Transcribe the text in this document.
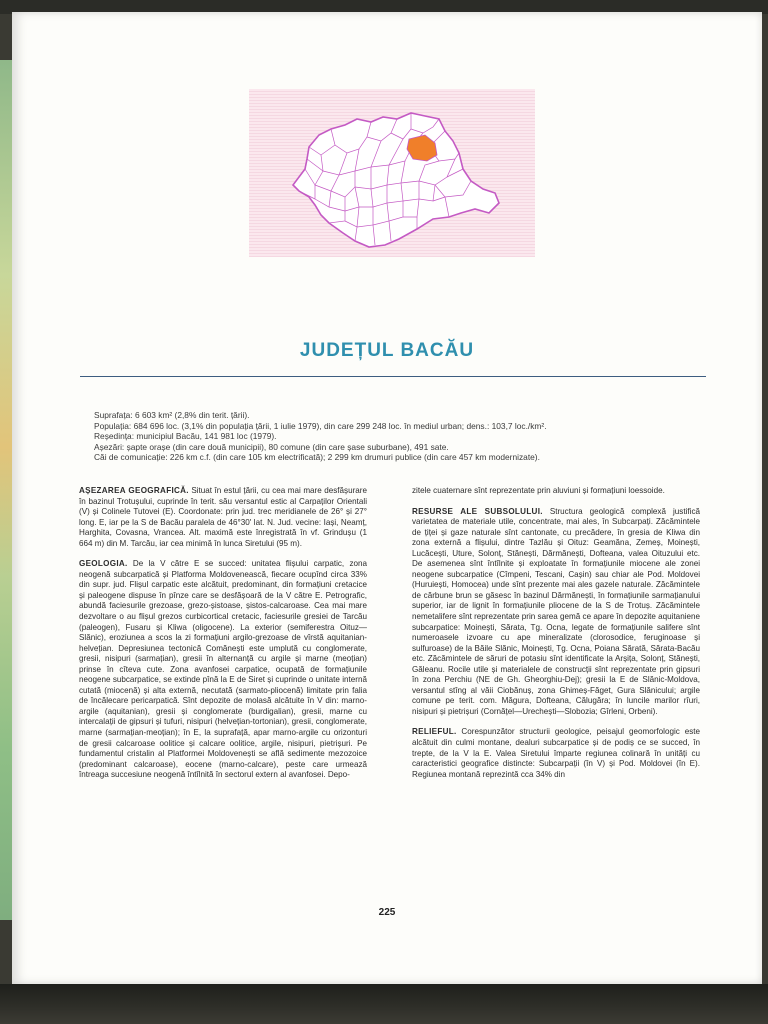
JUDEȚUL BACĂU
Suprafața: 6 603 km² (2,8% din terit. țării).
Populația: 684 696 loc. (3,1% din populația țării, 1 iulie 1979), din care 299 248 loc. în mediul urban; dens.: 103,7 loc./km².
Reședința: municipiul Bacău, 141 981 loc (1979).
Așezări: șapte orașe (din care două municipii), 80 comune (din care șase suburbane), 491 sate.
Căi de comunicație: 226 km c.f. (din care 105 km electrificată); 2 299 km drumuri publice (din care 457 km modernizate).

AȘEZAREA GEOGRAFICĂ. Situat în estul țării, cu cea mai mare desfășurare în bazinul Trotușului, cuprinde în terit. său versantul estic al Carpaților Orientali (V) și Colinele Tutovei (E). Coordonate: prin jud. trec meridianele de 26° și 27° long. E, iar pe la S de Bacău paralela de 46°30' lat. N. Jud. vecine: Iași, Neamț, Harghita, Covasna, Vrancea. Alt. maximă este înregistrată în vf. Grindușu (1 664 m) din M. Tarcău, iar cea minimă în lunca Siretului (95 m).

GEOLOGIA. De la V către E se succed: unitatea flișului carpatic, zona neogenă subcarpatică și Platforma Moldovenească, fiecare ocupînd circa 33% din supr. jud. Flișul carpatic este alcătuit, predominant, din formațiuni cretacice și paleogene dispuse în pînze care se desfășoară de la V către E. Petrografic, abundă faciesurile grezoase, grezo-șistoase, șistos-calcaroase. Cea mai mare dezvoltare o au flișul grezos curbicortical cretacic, faciesurile gresiei de Tarcău (paleogen), Fusaru și Kliwa (oligocene). La exterior (semiferestra Oituz—Slănic), eroziunea a scos la zi formațiuni argilo-grezoase de vîrstă aquitanian-helvețian. Depresiunea tectonică Comănești este umplută cu conglomerate, gresii, nisipuri (sarmațian), gresii în alternanță cu argile și marne (meoțian) prinse în cîteva cute. Zona avanfosei carpatice, ocupată de formațiunile neogene subcarpatice, se extinde pînă la E de Siret și cuprinde o unitate internă cutată (miocenă) și alta externă, necutată (sarmato-pliocenă) limitate prin falia de încălecare pericarpatică. Sînt depozite de molasă alcătuite în V din: marno-argile (aquitanian), gresii și conglomerate (burdigalian), gresii, marne cu intercalații de gipsuri și tufuri, nisipuri (helvețian-tortonian), gresii, conglomerate, marne (sarmațian-meoțian); în E, la suprafață, apar marno-argile cu orizonturi de gresii calcaroase oolitice și calcare oolitice, argile, nisipuri, pietrișuri. Pe fundamentul cristalin al Platformei Moldovenești se află sedimente mezozoice (predominant calcaroase), eocene (marno-calcare), peste care urmează întreaga succesiune neogenă întîlnită în sectorul extern al avanfosei. Depo-

zitele cuaternare sînt reprezentate prin aluviuni și formațiuni loessoide.

RESURSE ALE SUBSOLULUI. Structura geologică complexă justifică varietatea de materiale utile, concentrate, mai ales, în Subcarpați. Zăcămintele de țiței și gaze naturale sînt cantonate, cu precădere, în gresia de Kliwa din zona externă a flișului, dintre Tazlău și Oituz: Geamăna, Zemeș, Moinești, Lucăcești, Uture, Solonț, Stănești, Dărmănești, Dofteana, valea Oituzului etc. De asemenea sînt întîlnite și exploatate în formațiunile miocene ale zonei neogene subcarpatice (Cîmpeni, Tescani, Cașin) sau chiar ale Pod. Moldovei (Huruiești, Homocea) unde sînt prezente mai ales gazele naturale. Zăcămintele de cărbune brun se găsesc în bazinul Dărmănești, în formațiunile sarmațianului superior, iar de lignit în formațiunile pliocene de la S de Trotuș. Zăcămintele nemetalifere sînt reprezentate prin sarea gemă ce apare în depozite aquitaniene subcarpatice: Moinești, Sărata, Tg. Ocna, legate de formațiunile salifere sînt numeroasele izvoare cu ape mineralizate (clorosodice, feruginoase și sulfuroase) de la Băile Slănic, Moinești, Tg. Ocna, Poiana Sărată, Sărata-Bacău etc. Zăcămintele de săruri de potasiu sînt identificate la Arșița, Solonț, Stănești, Găleanu. Rocile utile și materialele de construcții sînt reprezentate prin gipsuri în zona Perchiu (NE de Gh. Gheorghiu-Dej); gresii la E de Slănic-Moldova, versantul stîng al văii Ciobănuș, zona Ghimeș-Făget, Gura Slănicului; argile comune pe terit. com. Măgura, Dofteana, Călugăra; în luncile marilor rîuri, nisipuri și pietrișuri (Cornățel—Urechești—Slobozia; Gîrleni, Orbeni).

RELIEFUL. Corespunzător structurii geologice, peisajul geomorfologic este alcătuit din culmi montane, dealuri subcarpatice și de podiș ce se succed, în trepte, de la V la E. Valea Siretului împarte regiunea colinară în unități cu caracteristici geografice distincte: Subcarpații (în V) și Pod. Moldovei (în E). Regiunea montană reprezintă cca 34% din

225
